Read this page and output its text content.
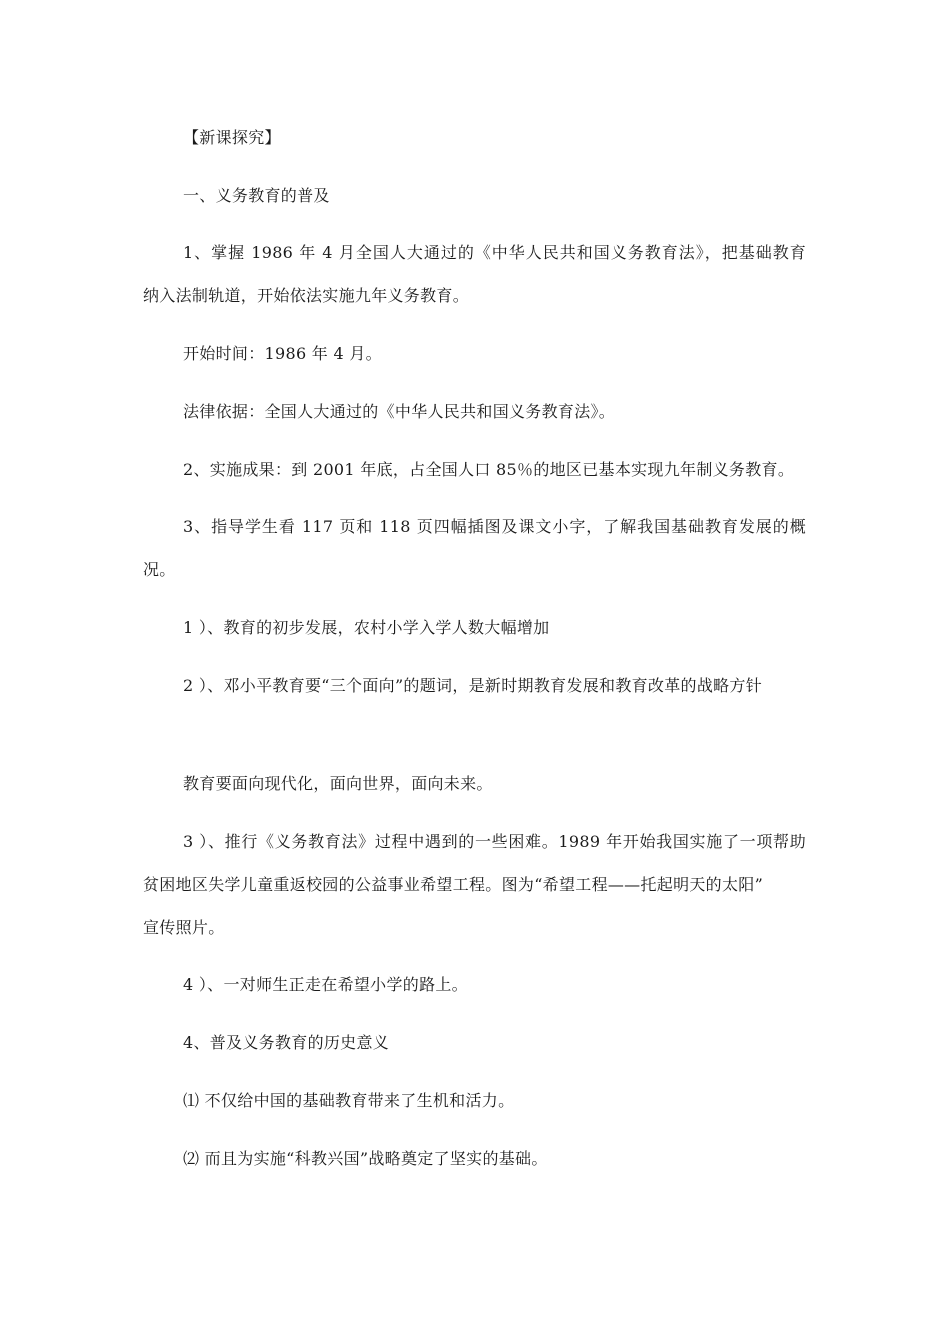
【新课探究】
一、义务教育的普及
1、掌握 1986 年 4 月全国人大通过的《中华人民共和国义务教育法》，把基础教育
纳入法制轨道，开始依法实施九年义务教育。
开始时间：1986 年 4 月。
法律依据：全国人大通过的《中华人民共和国义务教育法》。
2、实施成果：到 2001 年底，占全国人口 85％的地区已基本实现九年制义务教育。
3、指导学生看 117 页和 118 页四幅插图及课文小字，了解我国基础教育发展的概
况。
1 ）、教育的初步发展，农村小学入学人数大幅增加
2 ）、邓小平教育要“三个面向”的题词，是新时期教育发展和教育改革的战略方针
教育要面向现代化，面向世界，面向未来。
3 ）、推行《义务教育法》过程中遇到的一些困难。1989 年开始我国实施了一项帮助
贫困地区失学儿童重返校园的公益事业希望工程。图为“希望工程——托起明天的太阳”
宣传照片。
4 ）、一对师生正走在希望小学的路上。
4、普及义务教育的历史意义
⑴ 不仅给中国的基础教育带来了生机和活力。
⑵ 而且为实施“科教兴国”战略奠定了坚实的基础。
